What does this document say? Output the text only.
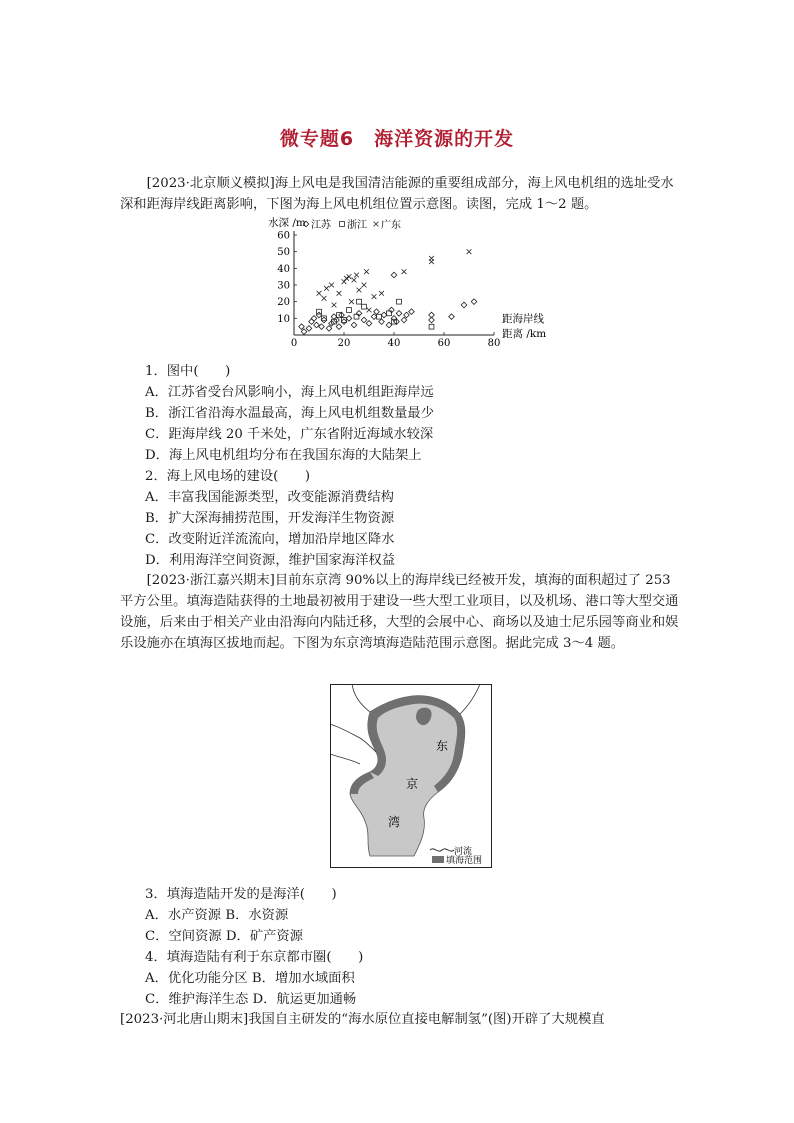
微专题6　海洋资源的开发
[2023·北京顺义模拟]海上风电是我国清洁能源的重要组成部分，海上风电机组的选址受水深和距海岸线距离影响，下图为海上风电机组位置示意图。读图，完成 1～2 题。
0	20	40	60	80
10
20
30
40
50
60
水深 /m
距海岸线
距离 /km
江苏 浙江 广东
1．图中(　　)
A．江苏省受台风影响小，海上风电机组距海岸远
B．浙江省沿海水温最高，海上风电机组数量最少
C．距海岸线 20 千米处，广东省附近海域水较深
D．海上风电机组均分布在我国东海的大陆架上
2．海上风电场的建设(　　)
A．丰富我国能源类型，改变能源消费结构
B．扩大深海捕捞范围，开发海洋生物资源
C．改变附近洋流流向，增加沿岸地区降水
D．利用海洋空间资源，维护国家海洋权益
[2023·浙江嘉兴期末]目前东京湾 90%以上的海岸线已经被开发，填海的面积超过了 253 平方公里。填海造陆获得的土地最初被用于建设一些大型工业项目，以及机场、港口等大型交通设施，后来由于相关产业由沿海向内陆迁移，大型的会展中心、商场以及迪士尼乐园等商业和娱乐设施亦在填海区拔地而起。下图为东京湾填海造陆范围示意图。据此完成 3～4 题。
东
京
湾
河流
填海范围
3．填海造陆开发的是海洋(　　)
A．水产资源 B．水资源
C．空间资源 D．矿产资源
4．填海造陆有利于东京都市圈(　　)
A．优化功能分区 B．增加水域面积
C．维护海洋生态 D．航运更加通畅
[2023·河北唐山期末]我国自主研发的“海水原位直接电解制氢”(图)开辟了大规模直
